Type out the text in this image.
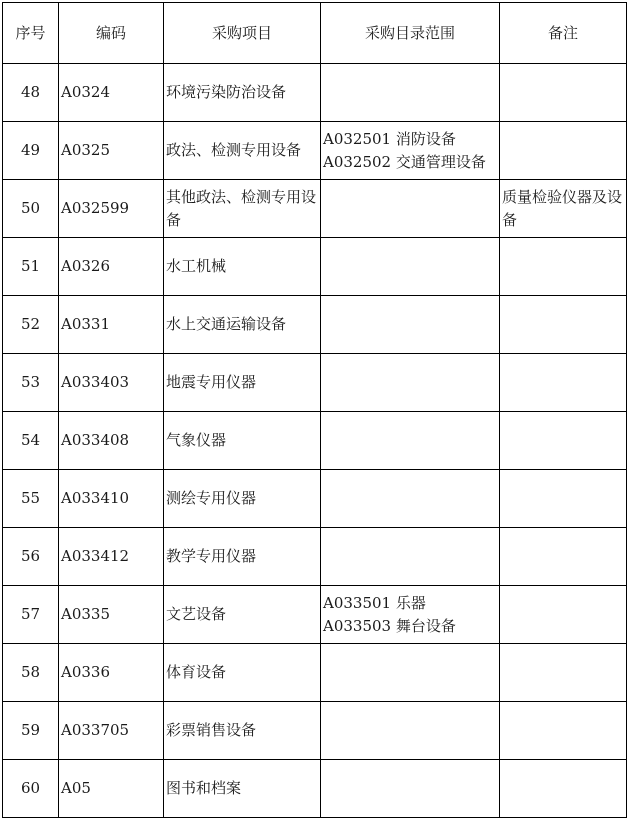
序号	编码	采购项目	采购目录范围	备注
48	A0324	环境污染防治设备		
49	A0325	政法、检测专用设备	A032501 消防设备
A032502 交通管理设备	

50	A032599	其他政法、检测专用设备		质量检验仪器及设备
51	A0326	水工机械		
52	A0331	水上交通运输设备		
53	A033403	地震专用仪器		
54	A033408	气象仪器		
55	A033410	测绘专用仪器		
56	A033412	教学专用仪器		
57	A0335	文艺设备	A033501 乐器
A033503 舞台设备	

58	A0336	体育设备		
59	A033705	彩票销售设备		
60	A05	图书和档案		
